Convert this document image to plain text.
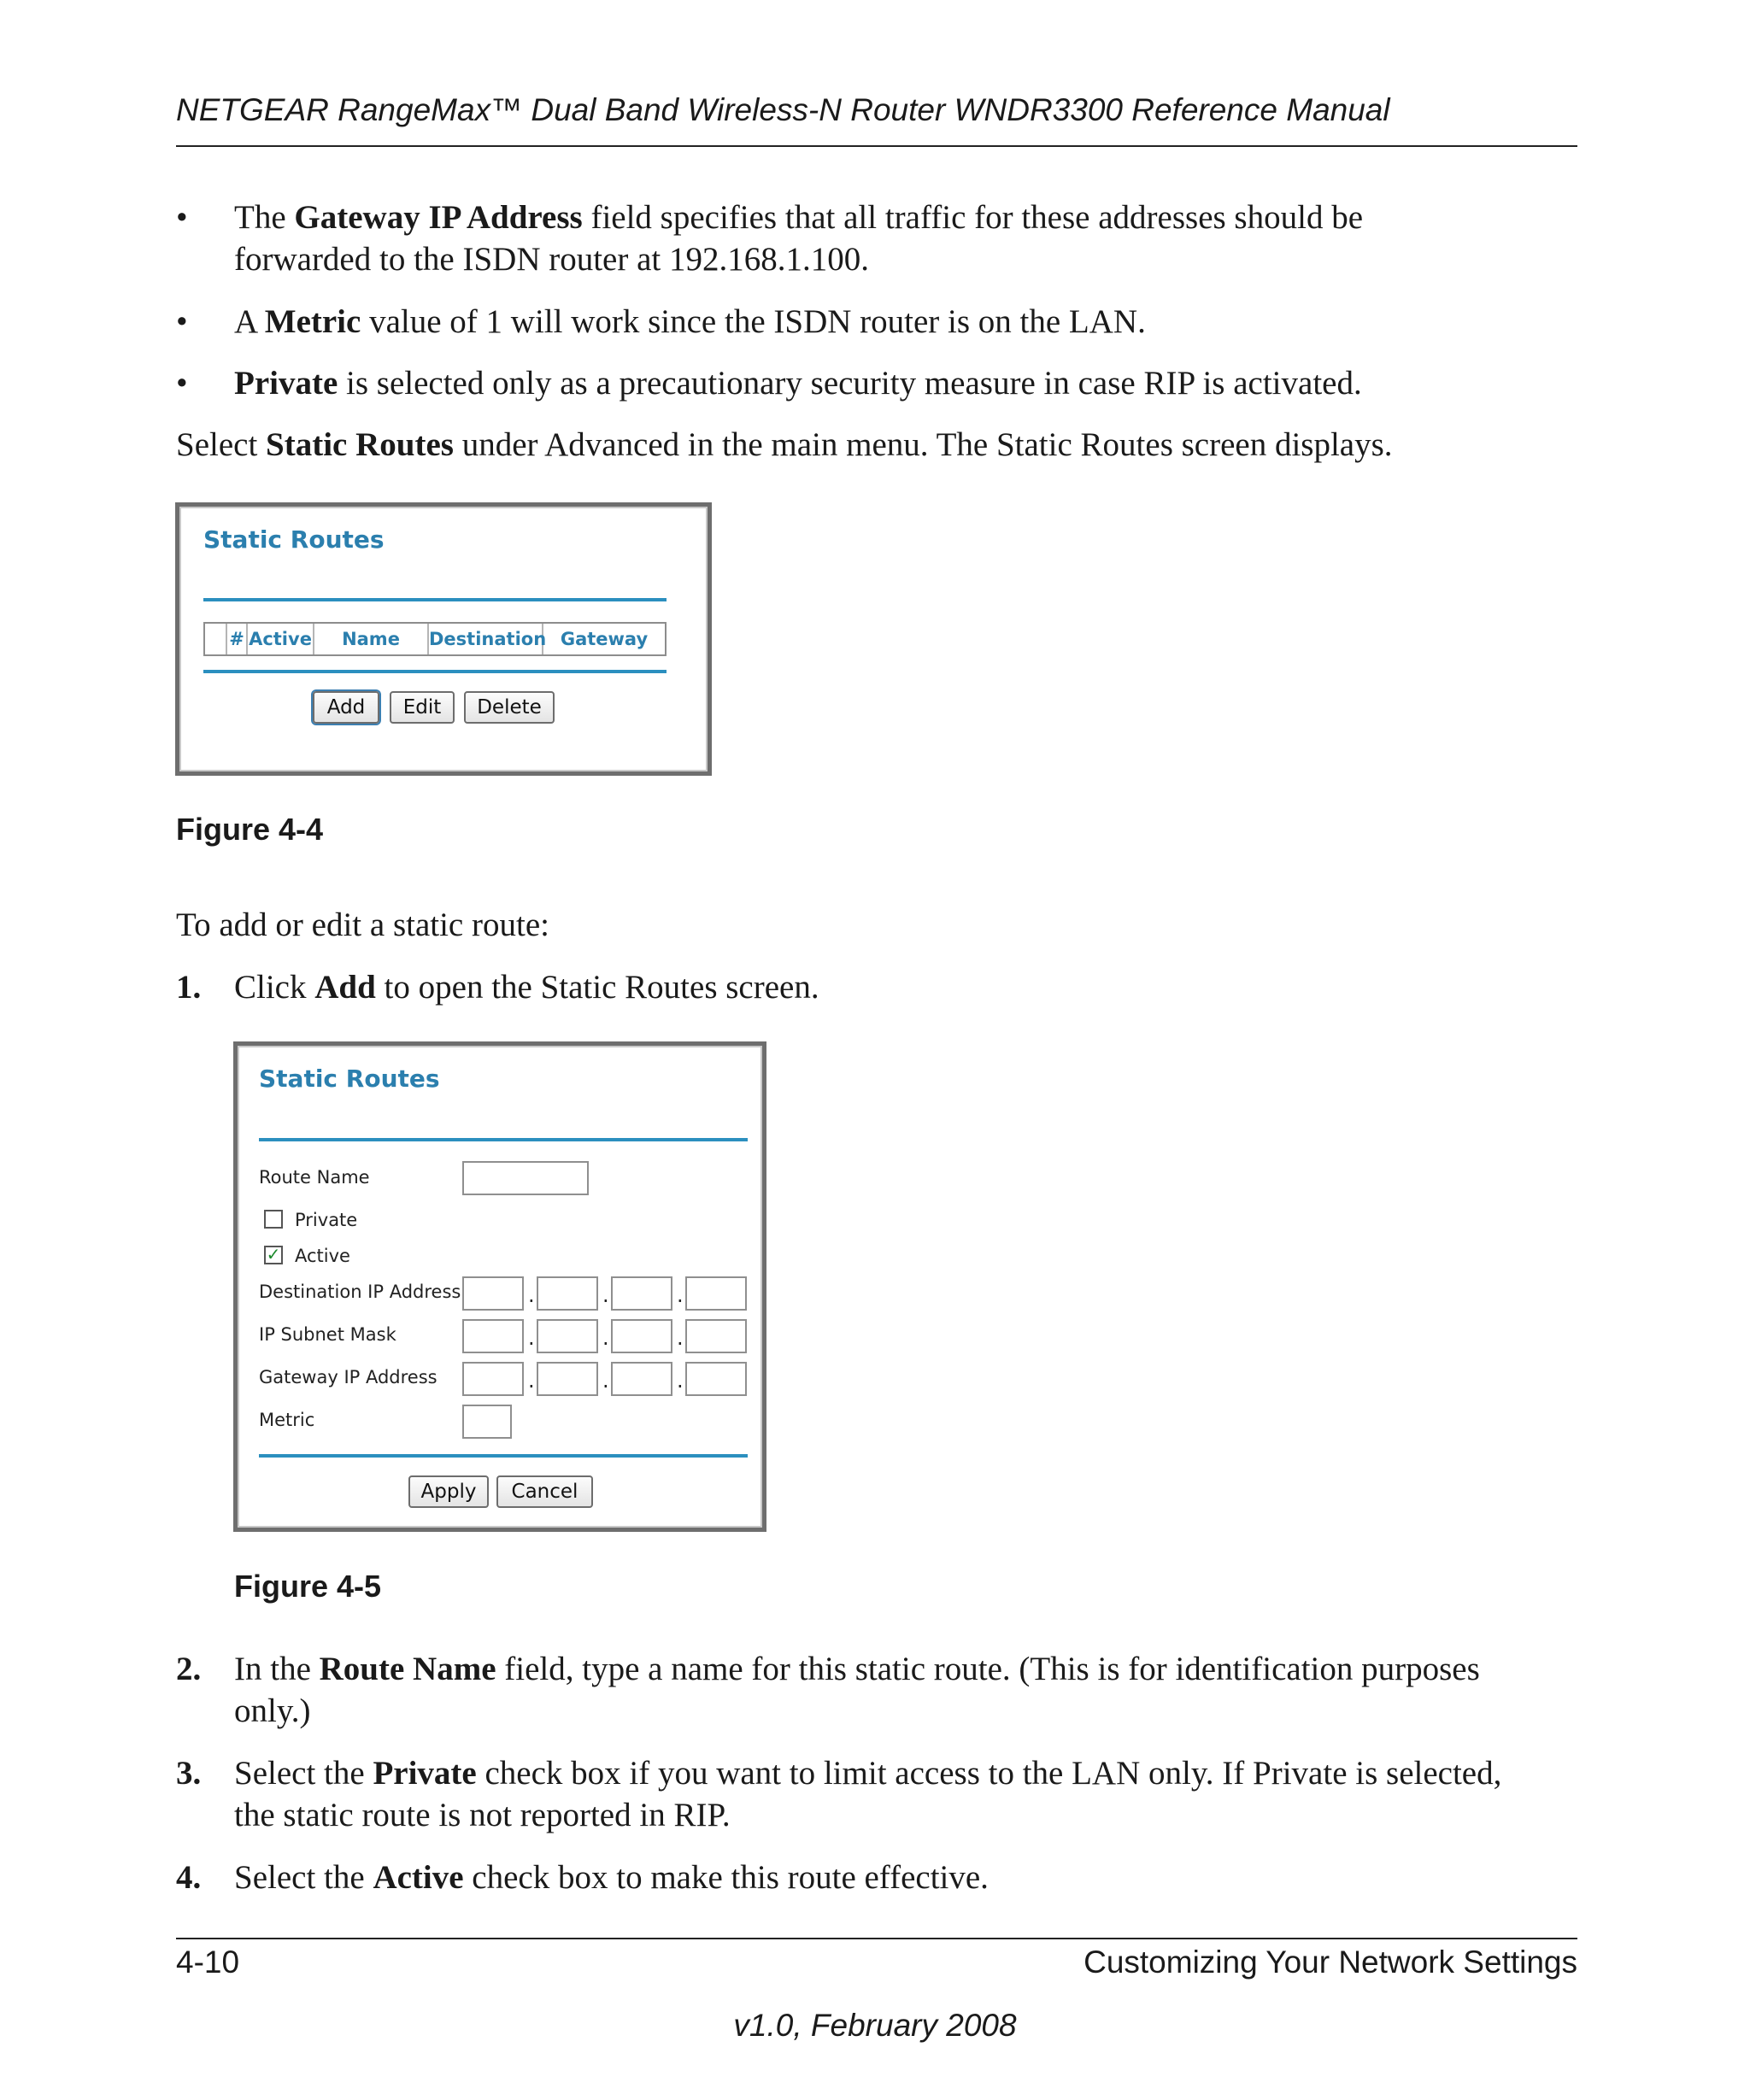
NETGEAR RangeMax™ Dual Band Wireless-N Router WNDR3300 Reference Manual
• The Gateway IP Address field specifies that all traffic for these addresses should be
forwarded to the ISDN router at 192.168.1.100.
• A Metric value of 1 will work since the ISDN router is on the LAN.
• Private is selected only as a precautionary security measure in case RIP is activated.
Select Static Routes under Advanced in the main menu. The Static Routes screen displays.
Static Routes
# Active	Name	Destination Gateway
Add	Edit	Delete
Figure 4-4
To add or edit a static route:
1. Click Add to open the Static Routes screen.
Static Routes
Route Name
Private
✓ Active
Destination IP Address	.	.	.
IP Subnet Mask	.	.	.
Gateway IP Address	.	.	.
Metric
Apply	Cancel
Figure 4-5
2. In the Route Name field, type a name for this static route. (This is for identification purposes
only.)
3. Select the Private check box if you want to limit access to the LAN only. If Private is selected,
the static route is not reported in RIP.
4. Select the Active check box to make this route effective.
4-10	Customizing Your Network Settings
v1.0, February 2008
